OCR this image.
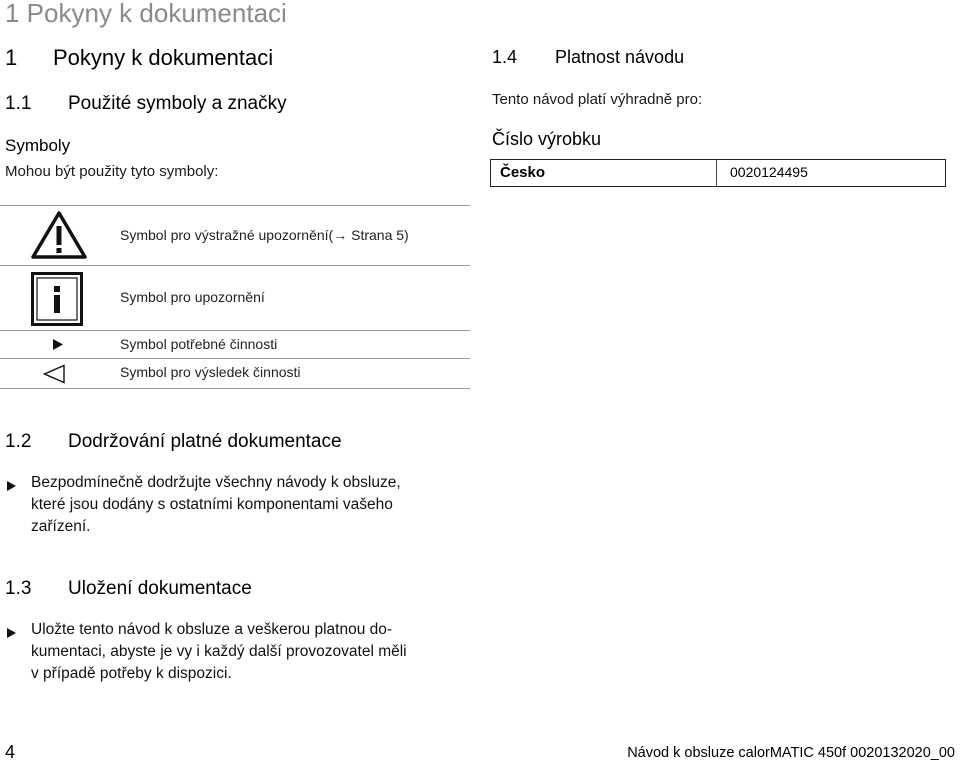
1 Pokyny k dokumentaci
1 Pokyny k dokumentaci
1.1 Použité symboly a značky
Symboly
Mohou být použity tyto symboly:
1.4 Platnost návodu
Tento návod platí výhradně pro:
Číslo výrobku
Česko	0020124495
Symbol pro výstražné upozornění(→ Strana 5)
Symbol pro upozornění
Symbol potřebné činnosti
Symbol pro výsledek činnosti
1.2 Dodržování platné dokumentace
Bezpodmínečně dodržujte všechny návody k obsluze,
které jsou dodány s ostatními komponentami vašeho
zařízení.
1.3 Uložení dokumentace
Uložte tento návod k obsluze a veškerou platnou do-
kumentaci, abyste je vy i každý další provozovatel měli
v případě potřeby k dispozici.
4	Návod k obsluze calorMATIC 450f 0020132020_00
